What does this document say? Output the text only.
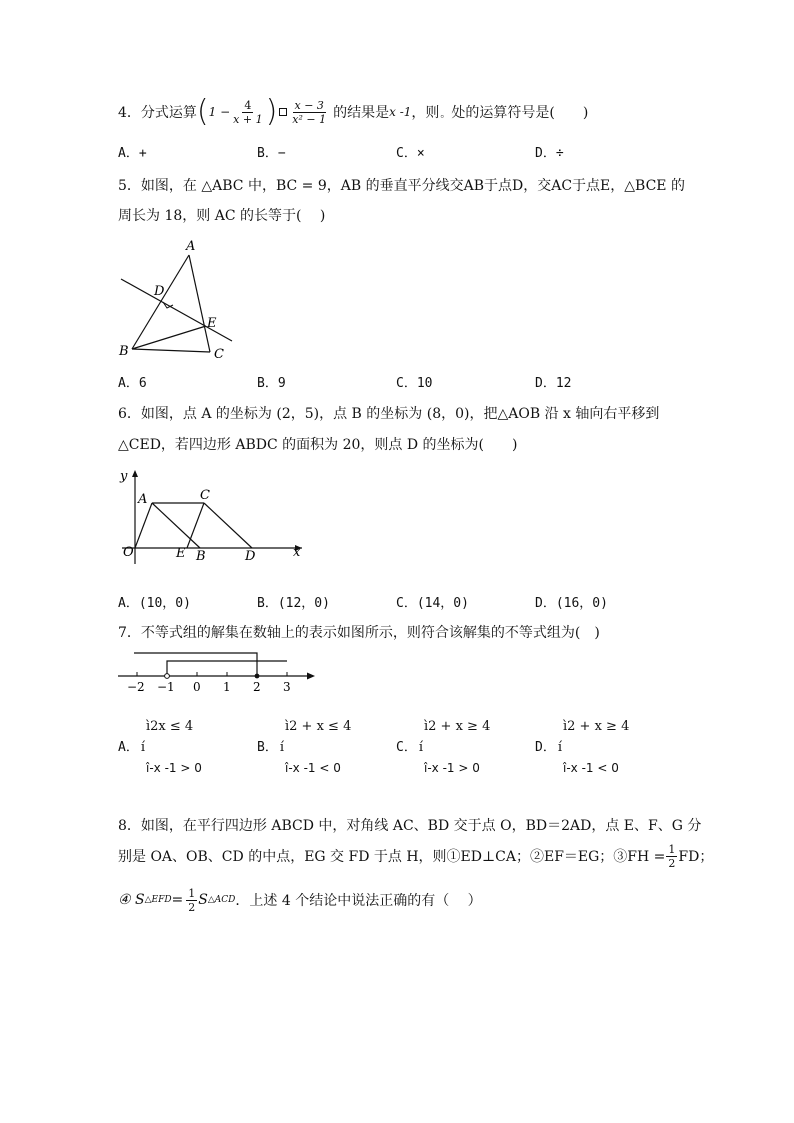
4． 分式运算 ( $1 - \frac{4}{x + 1}$ ) $\frac{x - 3}{\text{x² − 1}}$ 的结果是 x -1 ，则 。 处的运算符号是(　　)
A．+	B．−	C．×	D．÷
5．如图，在 △ABC 中，BC = 9，AB 的垂直平分线交AB于点D，交AC于点E，△BCE 的
周长为 18，则 AC 的长等于(　 )
A
D
E
B	C
A．6	B．9	C．10	D．12
6．如图，点 A 的坐标为 (2，5)，点 B 的坐标为 (8，0)，把△AOB 沿 x 轴向右平移到
△CED，若四边形 ABDC 的面积为 20，则点 D 的坐标为(　　)
y
A	C
O	E B	D	x
A．(10，0)	B．(12，0)	C．(14，0)	D．(16，0)
7．不等式组的解集在数轴上的表示如图所示，则符合该解集的不等式组为(　)
−2 −1 0 1 2 3
ì2x ≤ 4
A． í
î-x -1 > 0
ì2 + x ≤ 4
B． í
î-x -1 < 0
ì2 + x ≥ 4
C． í
î-x -1 > 0
ì2 + x ≥ 4
D． í
î-x -1 < 0
8．如图，在平行四边形 ABCD 中，对角线 AC、BD 交于点 O，BD＝2AD，点 E、F、G 分
别是 OA、OB、CD 的中点，EG 交 FD 于点 H，则①ED⊥CA；②EF＝EG；③FH = $\frac{1}{2}$ FD；
④ S △EFD = $\frac{1}{2}$ S △ACD ．上述 4 个结论中说法正确的有（　 ）
